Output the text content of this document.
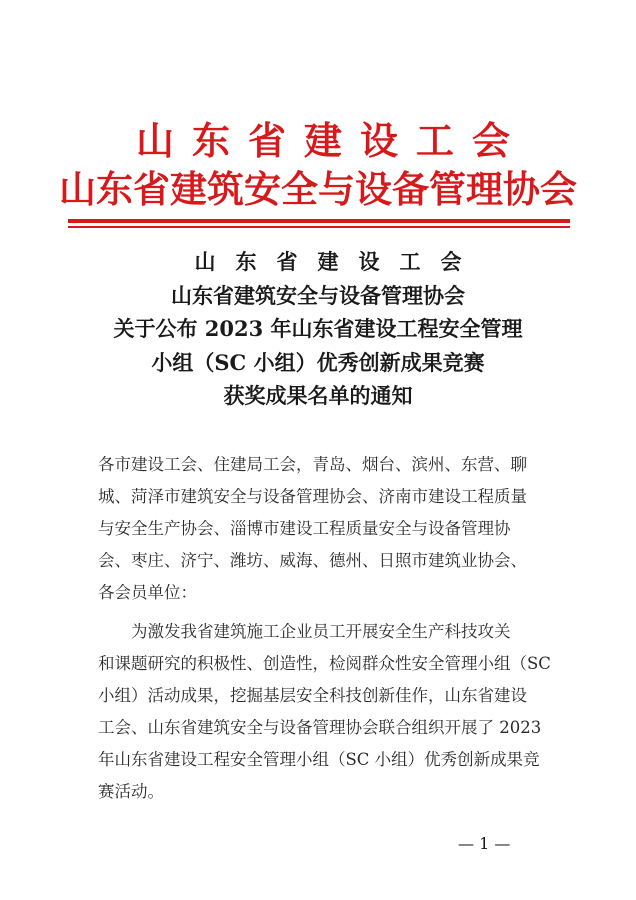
山东省建设工会
山东省建筑安全与设备管理协会
山东省建设工会
山东省建筑安全与设备管理协会
关于公布 2023 年山东省建设工程安全管理
小组（SC 小组）优秀创新成果竞赛
获奖成果名单的通知
各市建设工会、住建局工会，青岛、烟台、滨州、东营、聊
城、菏泽市建筑安全与设备管理协会、济南市建设工程质量
与安全生产协会、淄博市建设工程质量安全与设备管理协
会、枣庄、济宁、潍坊、威海、德州、日照市建筑业协会、
各会员单位：
为激发我省建筑施工企业员工开展安全生产科技攻关
和课题研究的积极性、创造性，检阅群众性安全管理小组（SC
小组）活动成果，挖掘基层安全科技创新佳作，山东省建设
工会、山东省建筑安全与设备管理协会联合组织开展了 2023
年山东省建设工程安全管理小组（SC 小组）优秀创新成果竞
赛活动。
— 1 —
